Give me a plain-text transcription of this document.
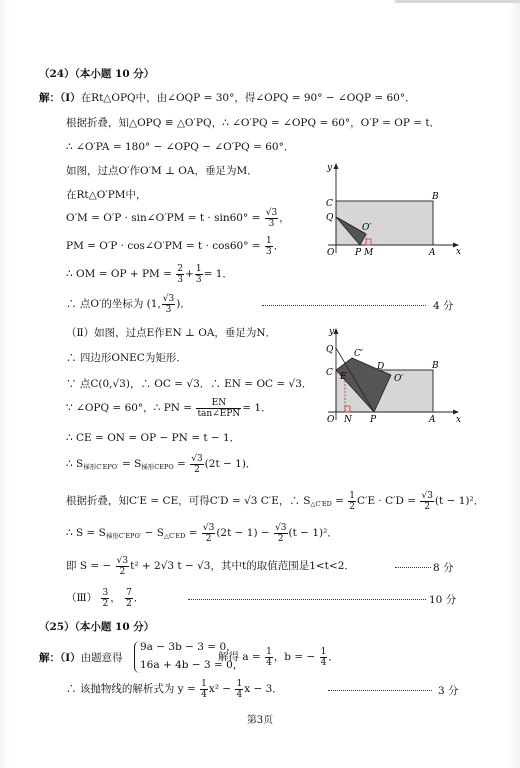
（24）（本小题 10 分）
解：（Ⅰ）在Rt△OPQ中，由∠OQP = 30°，得∠OPQ = 90° − ∠OQP = 60°．
根据折叠，知△OPQ ≌ △O′PQ，∴ ∠O′PQ = ∠OPQ = 60°，O′P = OP = t．
∴ ∠O′PA = 180° − ∠OPQ − ∠O′PQ = 60°．
如图，过点O′作O′M ⊥ OA，垂足为M．
在Rt△O′PM中，
O′M = O′P · sin∠O′PM = $t \cdot \sin 60^\circ = \frac{√3}{3}$ ，
PM = O′P · cos∠O′PM = $t \cdot \cos 60^\circ = \frac{1}{3}$ ．
∴ OM = OP + PM = $\frac{2}{3} + \frac{1}{3} = 1$．
∴ 点O′的坐标为 (1, $\frac{√3}{3}$ )．	4 分
y
x
O P M	A
B
C
Q
O′
（Ⅱ）如图，过点E作EN ⊥ OA，垂足为N．
∴ 四边形ONEC为矩形．
∵ 点C(0,√3)，∴ OC = √3．∴ EN = OC = √3．
∵ ∠OPQ = 60°，∴ PN = $\frac{EN}{\text{tan∠EPN}} = 1$．
∴ CE = ON = OP − PN = t − 1．
∴ $S_{梯形C'EPO'} = S_{梯形CEPO} = \frac{√3}{2} (2t - 1)$．
根据折叠，知C′E = CE，可得C′D = √3 C′E，∴ $S_{\triangle C'ED} = \frac{1}{2} C'E \cdot C'D = \frac{√3}{2} (t - 1)^2$．
∴ $S = S_{梯形C'EPO'} - S_{\triangle C'ED} = \frac{√3}{2} (2t - 1) - \frac{√3}{2} (t - 1)^2$．
即 S = − $\frac{√3}{2} t^2 + 2√3$ t − √3，其中t的取值范围是1<t<2．	8 分
（Ⅲ） $\frac{3}{2}$ ， $\frac{7}{2}$ ．	10 分
y
x
O N P	A
B
C
Q
E
D
C′
O′
（25）（本小题 10 分）
解：（Ⅰ）由题意得
9a − 3b − 3 = 0，
16a + 4b − 3 = 0，
解得 $a = \frac{1}{4}$ ，b = − $\frac{1}{4}$ ．
∴ 该抛物线的解析式为 $y = \frac{1}{4} x^2 - \frac{1}{4}$ x − 3．	3 分
第3页
